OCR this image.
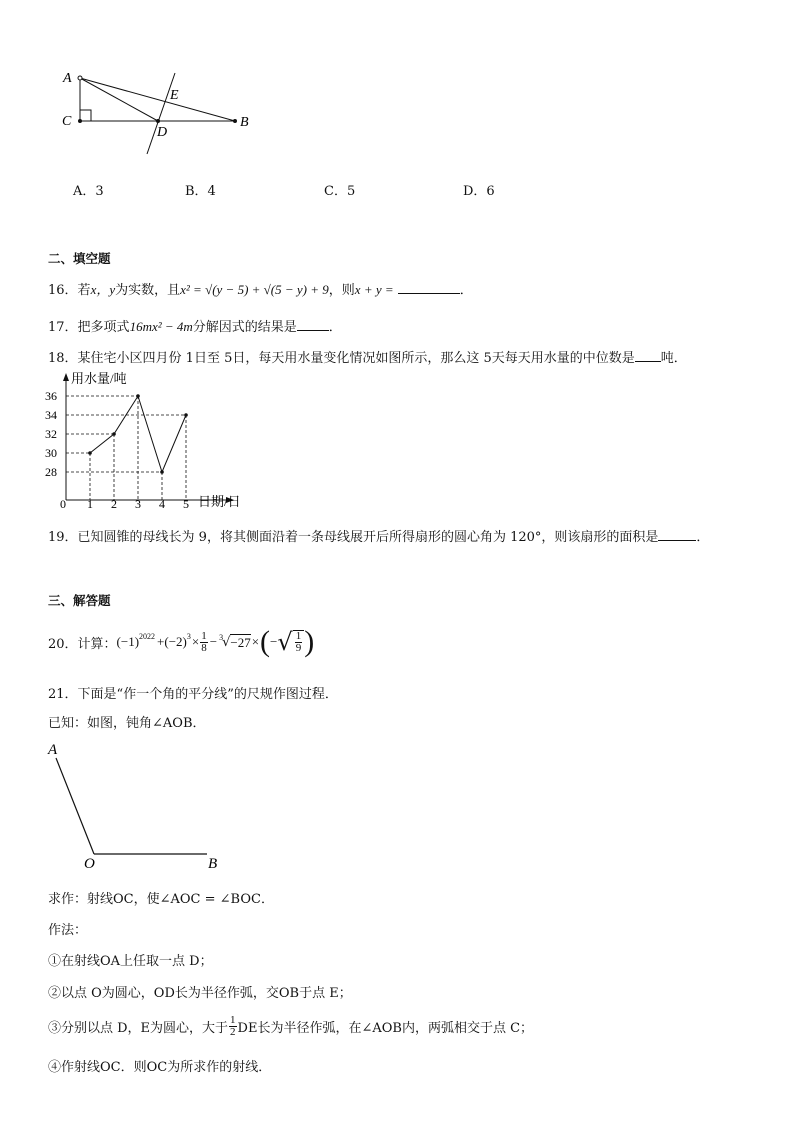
A
C
E
D
B
A．3	B．4	C．5	D．6
二、填空题
16．若x，y为实数，且x² = √(y − 5) + √(5 − y) + 9，则x + y =	．
17．把多项式16mx² − 4m分解因式的结果是 ．
18．某住宅小区四月份 1日至 5日，每天用水量变化情况如图所示，那么这 5天每天用水量的中位数是 吨．
用水量/吨
日期/日
28
30
32
34
36
0 1 2 3 4 5
19．已知圆锥的母线长为 9，将其侧面沿着一条母线展开后所得扇形的圆心角为 120°，则该扇形的面积是	．
三、解答题
20．计算： $(-1)^{2022} +(-2)^3 \times \frac{1}{8} - ^3$ √ −27 × ( − √ $\frac{1}{9}$ )
21．下面是“作一个角的平分线”的尺规作图过程．
已知：如图，钝角∠AOB．
A
O	B
求作：射线OC，使∠AOC = ∠BOC．
作法：
①在射线OA上任取一点 D；
②以点 O为圆心，OD长为半径作弧，交OB于点 E；
③分别以点 D，E为圆心，大于 $\frac{1}{2}$ DE长为半径作弧，在∠AOB内，两弧相交于点 C；
④作射线OC．则OC为所求作的射线．
